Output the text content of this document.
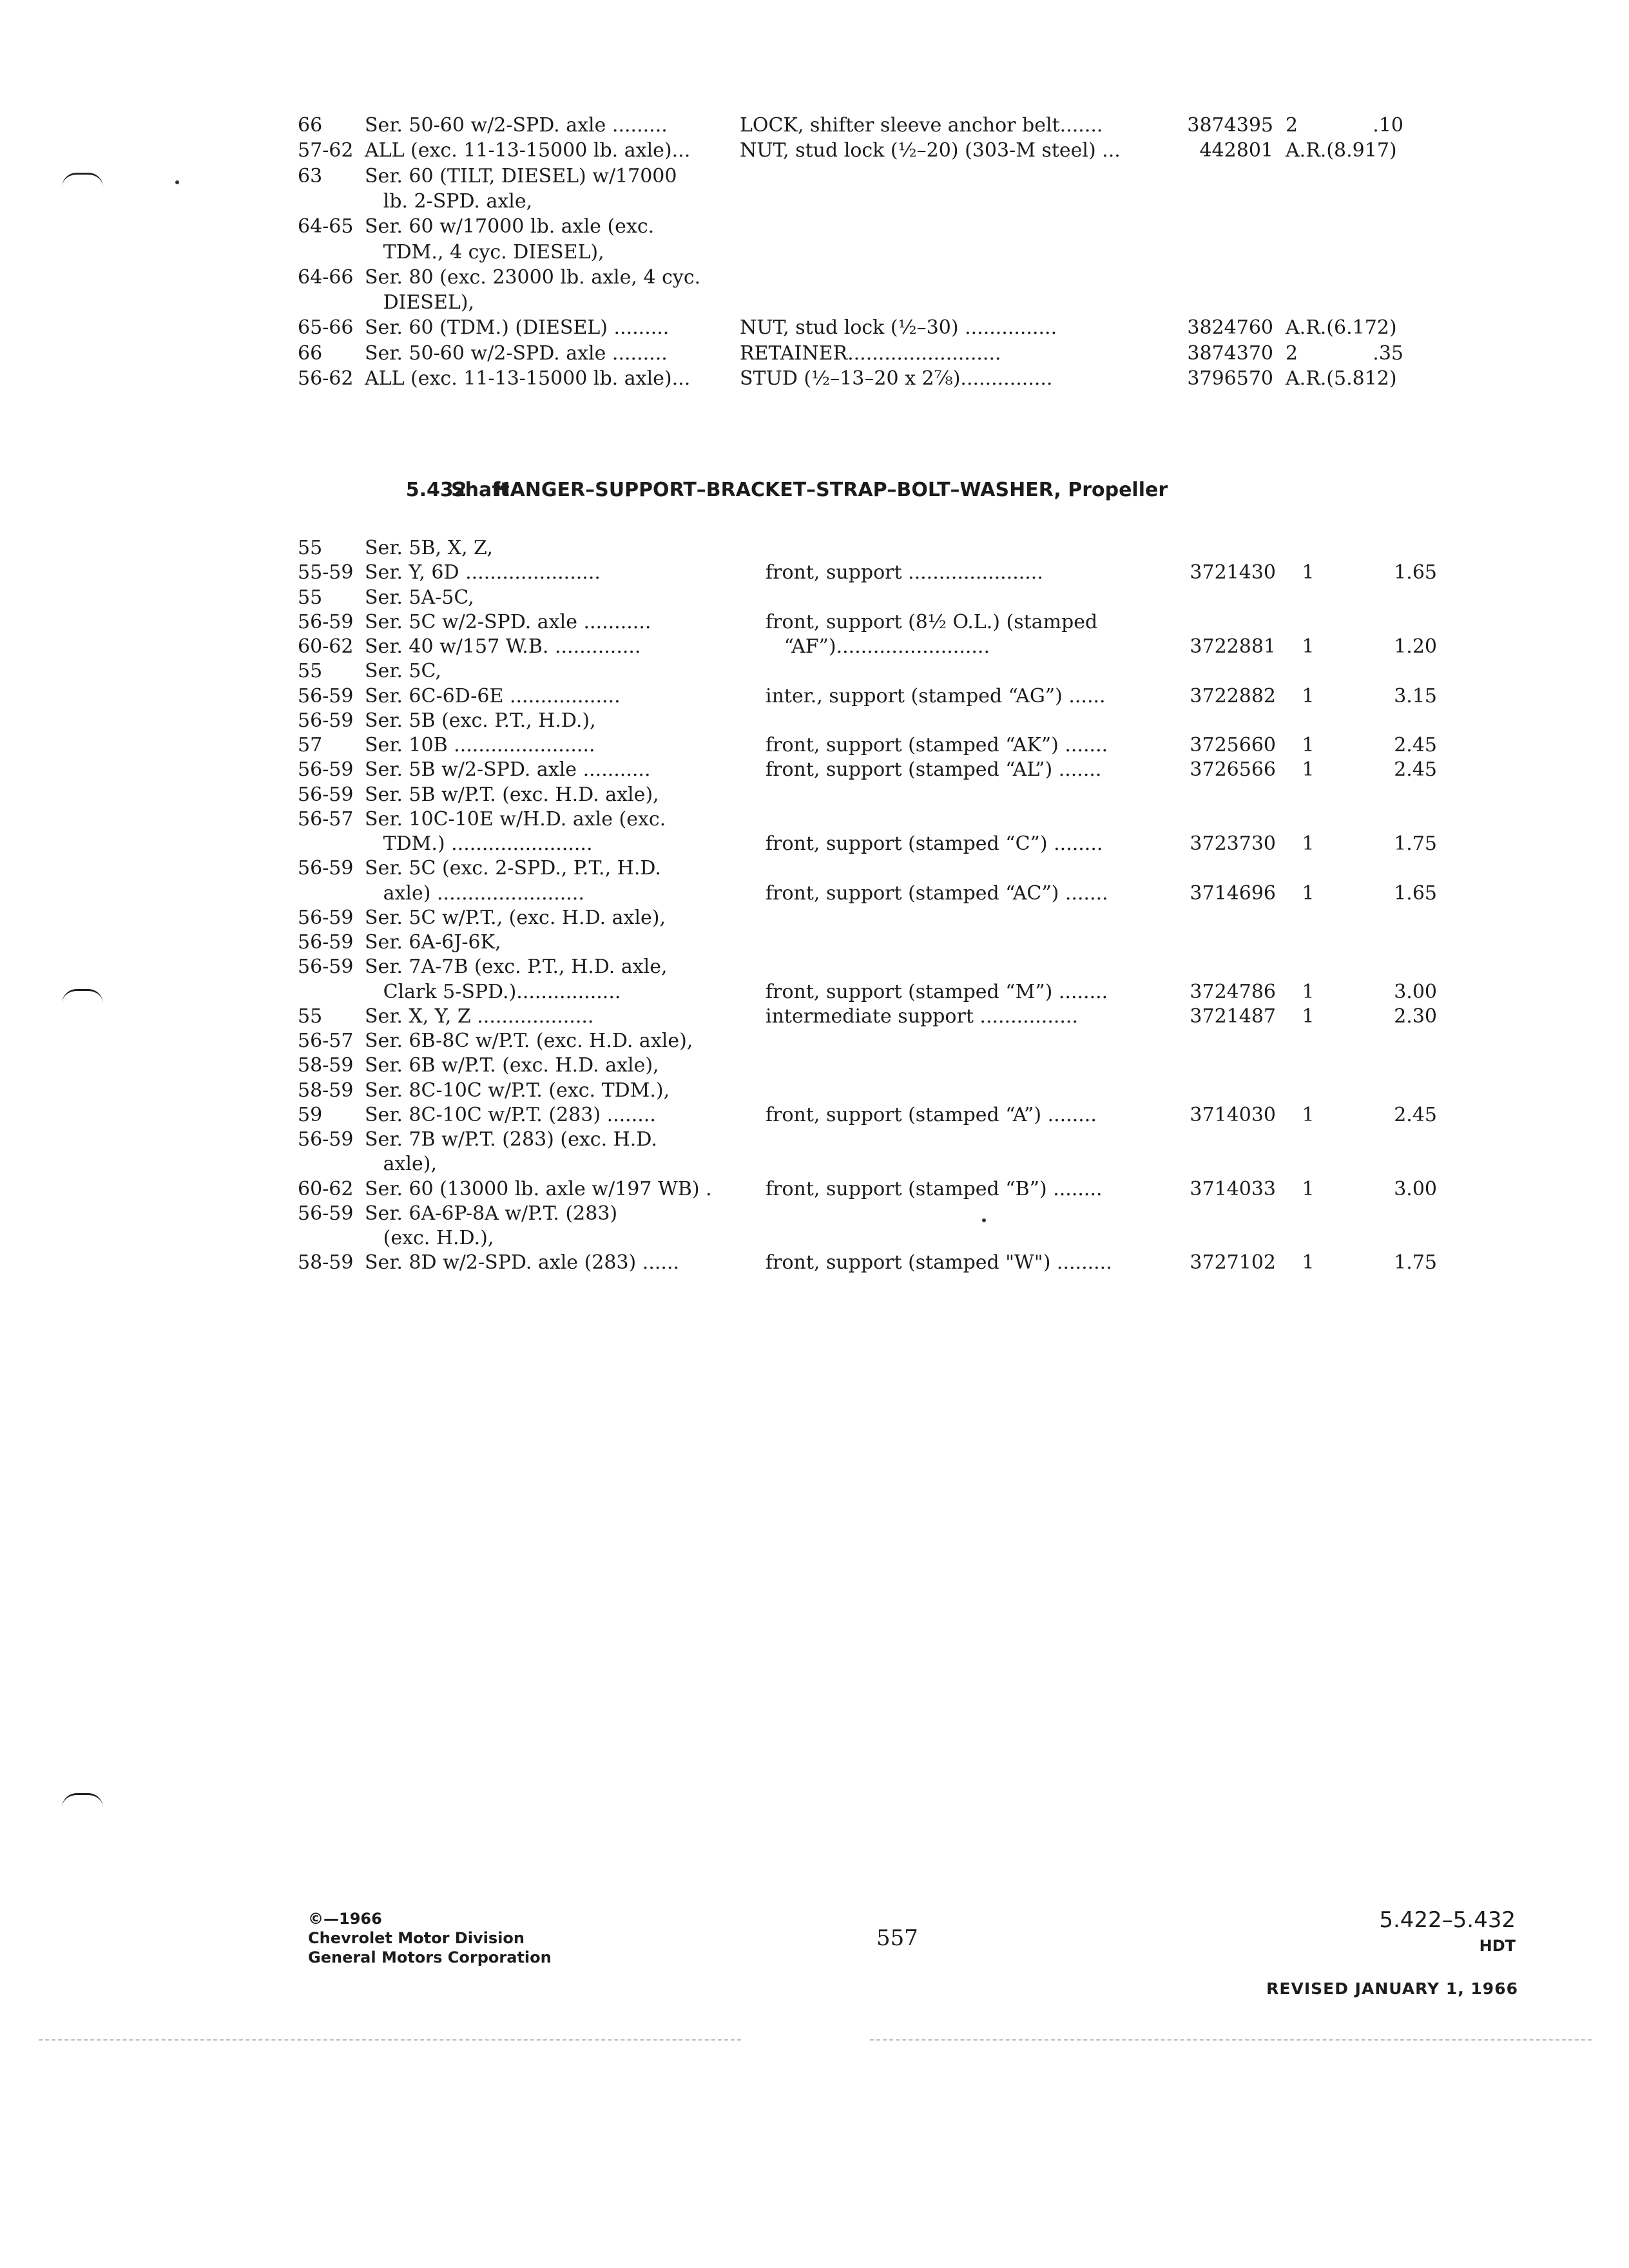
66 Ser. 50-60 w/2-SPD. axle .........	LOCK, shifter sleeve anchor belt.......	3874395 2	.10
57-62 ALL (exc. 11-13-15000 lb. axle)...	NUT, stud lock (½–20) (303-M steel) ...	442801 A.R.(8.917)
63 Ser. 60 (TILT, DIESEL) w/17000
lb. 2-SPD. axle,
64-65 Ser. 60 w/17000 lb. axle (exc.
TDM., 4 cyc. DIESEL),
64-66 Ser. 80 (exc. 23000 lb. axle, 4 cyc.
DIESEL),
65-66 Ser. 60 (TDM.) (DIESEL) .........	NUT, stud lock (½–30) ...............	3824760 A.R.(6.172)
66 Ser. 50-60 w/2-SPD. axle .........	RETAINER.........................	3874370 2	.35
56-62 ALL (exc. 11-13-15000 lb. axle)...	STUD (½–13–20 x 2⅞)...............	3796570 A.R.(5.812)

5.432 HANGER–SUPPORT–BRACKET–STRAP–BOLT–WASHER, Propeller

Shaft
55 Ser. 5B, X, Z,
55-59 Ser. Y, 6D ......................	front, support ......................	3721430	1	1.65
55 Ser. 5A-5C,
56-59 Ser. 5C w/2-SPD. axle ...........	front, support (8½ O.L.) (stamped
60-62 Ser. 40 w/157 W.B. ..............	“AF”).........................	3722881	1	1.20
55 Ser. 5C,
56-59 Ser. 6C-6D-6E ..................	inter., support (stamped “AG”) ......	3722882	1	3.15
56-59 Ser. 5B (exc. P.T., H.D.),
57 Ser. 10B .......................	front, support (stamped “AK”) .......	3725660	1	2.45
56-59 Ser. 5B w/2-SPD. axle ...........	front, support (stamped “AL”) .......	3726566	1	2.45
56-59 Ser. 5B w/P.T. (exc. H.D. axle),
56-57 Ser. 10C-10E w/H.D. axle (exc.
TDM.) .......................	front, support (stamped “C”) ........	3723730	1	1.75
56-59 Ser. 5C (exc. 2-SPD., P.T., H.D.
axle) ........................	front, support (stamped “AC”) .......	3714696	1	1.65
56-59 Ser. 5C w/P.T., (exc. H.D. axle),
56-59 Ser. 6A-6J-6K,
56-59 Ser. 7A-7B (exc. P.T., H.D. axle,
Clark 5-SPD.).................	front, support (stamped “M”) ........	3724786	1	3.00
55 Ser. X, Y, Z ...................	intermediate support ................	3721487	1	2.30
56-57 Ser. 6B-8C w/P.T. (exc. H.D. axle),
58-59 Ser. 6B w/P.T. (exc. H.D. axle),
58-59 Ser. 8C-10C w/P.T. (exc. TDM.),
59 Ser. 8C-10C w/P.T. (283) ........	front, support (stamped “A”) ........	3714030	1	2.45
56-59 Ser. 7B w/P.T. (283) (exc. H.D.
axle),
60-62 Ser. 60 (13000 lb. axle w/197 WB) .	front, support (stamped “B”) ........	3714033	1	3.00
56-59 Ser. 6A-6P-8A w/P.T. (283)
(exc. H.D.),
58-59 Ser. 8D w/2-SPD. axle (283) ......	front, support (stamped "W") .........	3727102	1	1.75
©—1966
Chevrolet Motor Division
General Motors Corporation
557
5.422–5.432
HDT
REVISED JANUARY 1, 1966
